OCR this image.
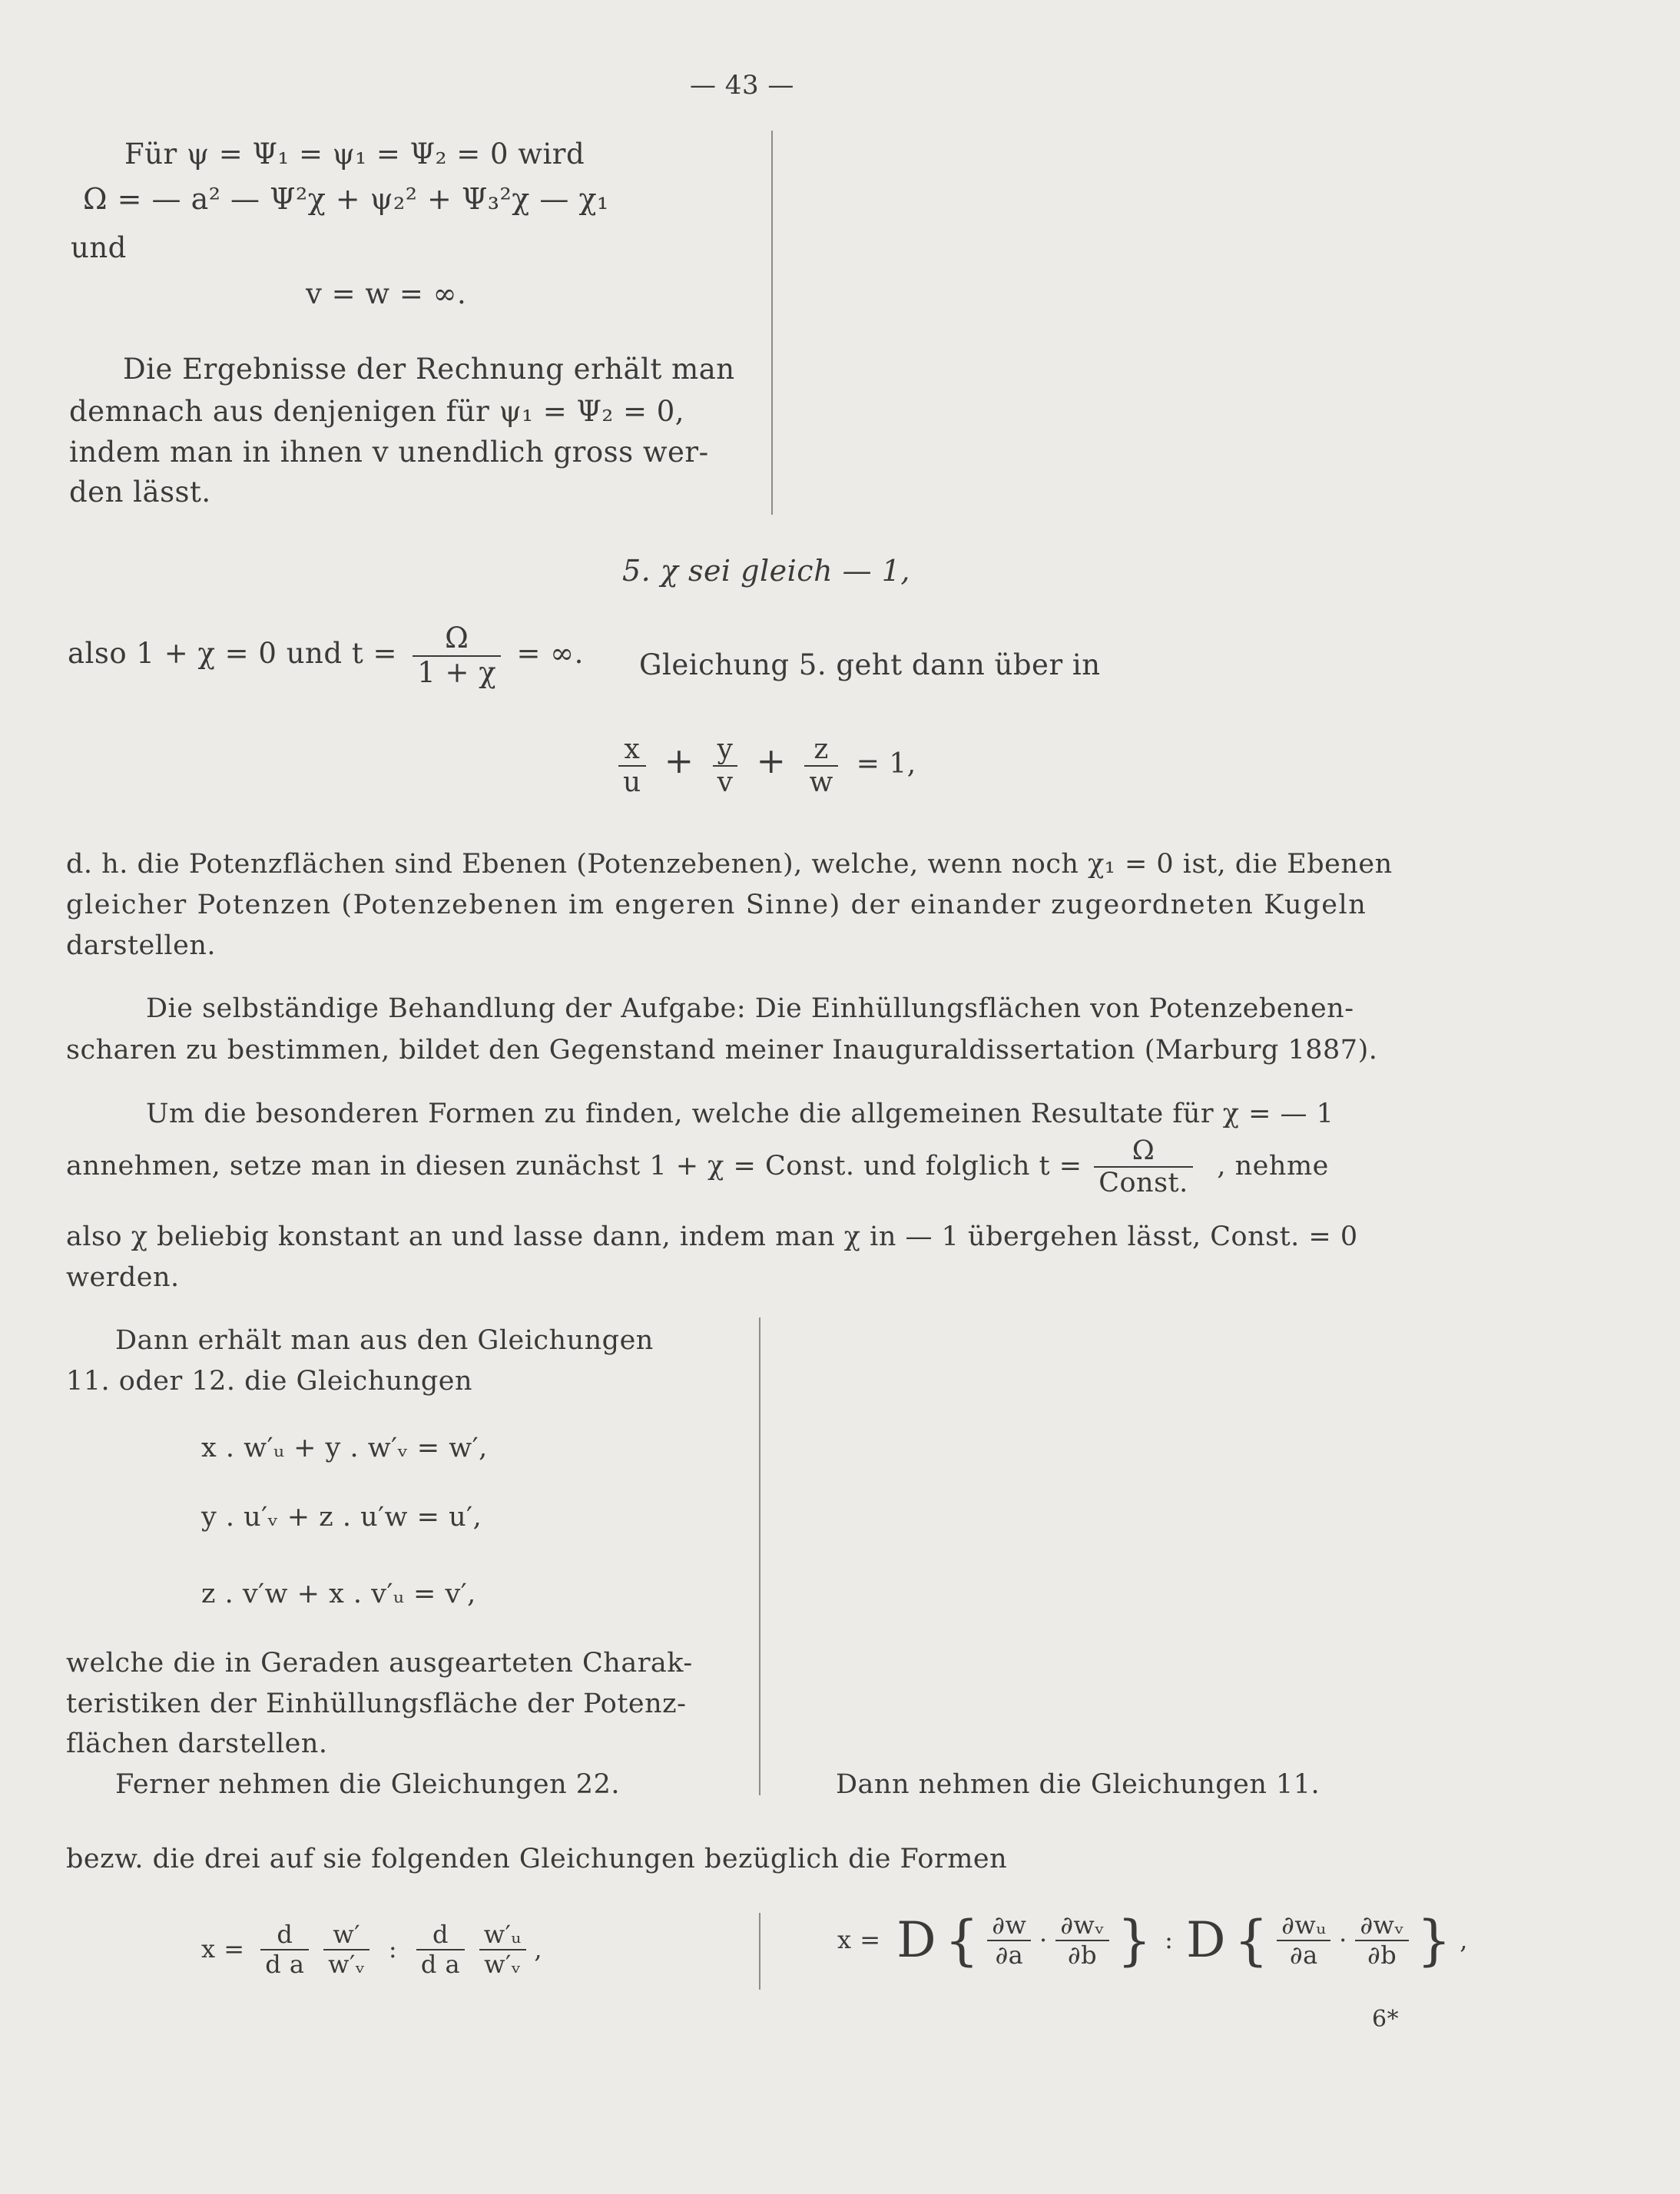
— 43 —
Für ψ = Ψ₁ = ψ₁ = Ψ₂ = 0 wird
Ω = — a² — Ψ²χ + ψ₂² + Ψ₃²χ — χ₁
und
v = w = ∞.
Die Ergebnisse der Rechnung erhält man
demnach aus denjenigen für ψ₁ = Ψ₂ = 0,
indem man in ihnen v unendlich gross wer-
den lässt.
5. χ sei gleich — 1,
also 1 + χ = 0 und $t = \frac{\Omega}{1 + \chi}$ = ∞. Gleichung 5. geht dann über in
$\frac{x}{u} + \frac{y}{v} + \frac{z}{w} = 1$,
d. h. die Potenzflächen sind Ebenen (Potenzebenen), welche, wenn noch χ₁ = 0 ist, die Ebenen
gleicher Potenzen (Potenzebenen im engeren Sinne) der einander zugeordneten Kugeln
darstellen.
Die selbständige Behandlung der Aufgabe: Die Einhüllungsflächen von Potenzebenen-
scharen zu bestimmen, bildet den Gegenstand meiner Inauguraldissertation (Marburg 1887).
Um die besonderen Formen zu finden, welche die allgemeinen Resultate für χ = — 1
annehmen, setze man in diesen zunächst 1 + χ = Const. und folglich $t = \frac{\Omega}{\text{Const.}}$ , nehme
also χ beliebig konstant an und lasse dann, indem man χ in — 1 übergehen lässt, Const. = 0
werden.
Dann erhält man aus den Gleichungen
11. oder 12. die Gleichungen
x . w′ᵤ + y . w′ᵥ = w′,
y . u′ᵥ + z . u′w = u′,
z . v′w + x . v′ᵤ = v′,
welche die in Geraden ausgearteten Charak-
teristiken der Einhüllungsfläche der Potenz-
flächen darstellen.
Ferner nehmen die Gleichungen 22.	Dann nehmen die Gleichungen 11.
bezw. die drei auf sie folgenden Gleichungen bezüglich die Formen
$x = \frac{d}{\text{d a}}$
$\frac{w'}{\text{w′ᵥ}}$ : $\frac{d}{\text{d a}}$
$\frac{\text{w′ᵤ}}{\text{w′ᵥ}}$ ,	x = D { $\frac{\partial w}{\partial a} \cdot \frac{\text{∂wᵥ}}{\partial b}$ } : D { $\frac{\text{∂wᵤ}}{\partial a} \cdot \frac{\text{∂wᵥ}}{\partial b}$ } ,
6*
